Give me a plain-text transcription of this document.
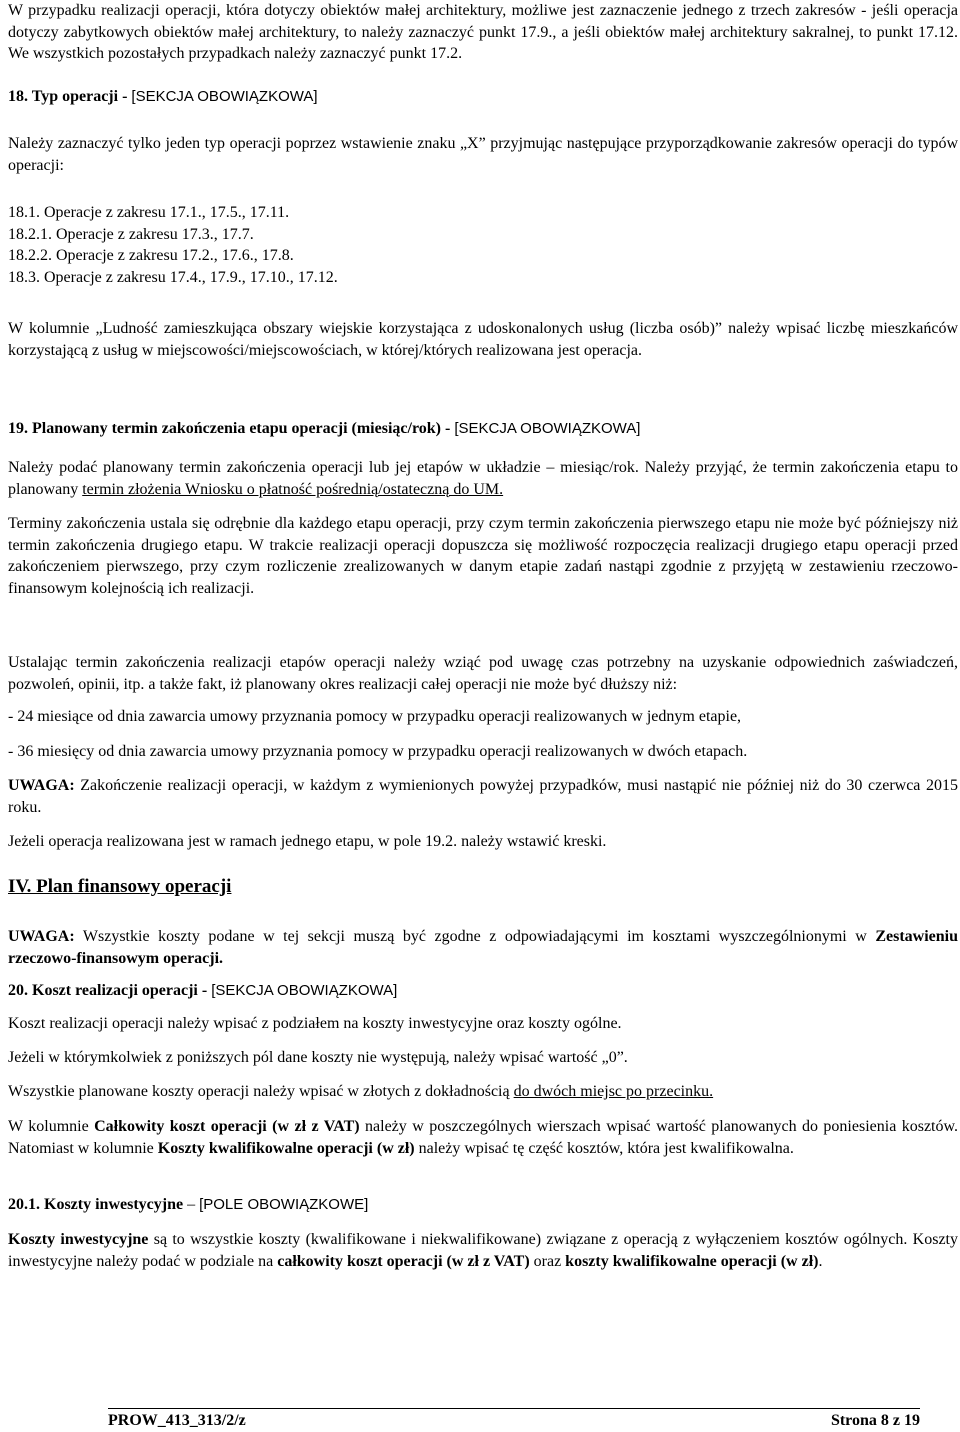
W przypadku realizacji operacji, która dotyczy obiektów małej architektury, możliwe jest zaznaczenie jednego z trzech zakresów - jeśli operacja dotyczy zabytkowych obiektów małej architektury, to należy zaznaczyć punkt 17.9., a jeśli obiektów małej architektury sakralnej, to punkt 17.12. We wszystkich pozostałych przypadkach należy zaznaczyć punkt 17.2.

18. Typ operacji - [SEKCJA OBOWIĄZKOWA]

Należy zaznaczyć tylko jeden typ operacji poprzez wstawienie znaku „X” przyjmując następujące przyporządkowanie zakresów operacji do typów operacji:

18.1. Operacje z zakresu 17.1., 17.5., 17.11.
18.2.1. Operacje z zakresu 17.3., 17.7.
18.2.2. Operacje z zakresu 17.2., 17.6., 17.8.
18.3. Operacje z zakresu 17.4., 17.9., 17.10., 17.12.

W kolumnie „Ludność zamieszkująca obszary wiejskie korzystająca z udoskonalonych usług (liczba osób)” należy wpisać liczbę mieszkańców korzystającą z usług w miejscowości/miejscowościach, w której/których realizowana jest operacja.

19. Planowany termin zakończenia etapu operacji (miesiąc/rok) - [SEKCJA OBOWIĄZKOWA]

Należy podać planowany termin zakończenia operacji lub jej etapów w układzie – miesiąc/rok. Należy przyjąć, że termin zakończenia etapu to planowany termin złożenia Wniosku o płatność pośrednią/ostateczną do UM.

Terminy zakończenia ustala się odrębnie dla każdego etapu operacji, przy czym termin zakończenia pierwszego etapu nie może być późniejszy niż termin zakończenia drugiego etapu. W trakcie realizacji operacji dopuszcza się możliwość rozpoczęcia realizacji drugiego etapu operacji przed zakończeniem pierwszego, przy czym rozliczenie zrealizowanych w danym etapie zadań nastąpi zgodnie z przyjętą w zestawieniu rzeczowo-finansowym kolejnością ich realizacji.

Ustalając termin zakończenia realizacji etapów operacji należy wziąć pod uwagę czas potrzebny na uzyskanie odpowiednich zaświadczeń, pozwoleń, opinii, itp. a także fakt, iż planowany okres realizacji całej operacji nie może być dłuższy niż:

- 24 miesiące od dnia zawarcia umowy przyznania pomocy w przypadku operacji realizowanych w jednym etapie,

- 36 miesięcy od dnia zawarcia umowy przyznania pomocy w przypadku operacji realizowanych w dwóch etapach.

UWAGA: Zakończenie realizacji operacji, w każdym z wymienionych powyżej przypadków, musi nastąpić nie później niż do 30 czerwca 2015 roku.

Jeżeli operacja realizowana jest w ramach jednego etapu, w pole 19.2. należy wstawić kreski.

IV. Plan finansowy operacji

UWAGA: Wszystkie koszty podane w tej sekcji muszą być zgodne z odpowiadającymi im kosztami wyszczególnionymi w Zestawieniu rzeczowo-finansowym operacji.

20. Koszt realizacji operacji - [SEKCJA OBOWIĄZKOWA]

Koszt realizacji operacji należy wpisać z podziałem na koszty inwestycyjne oraz koszty ogólne.

Jeżeli w którymkolwiek z poniższych pól dane koszty nie występują, należy wpisać wartość „0”.

Wszystkie planowane koszty operacji należy wpisać w złotych z dokładnością do dwóch miejsc po przecinku.

W kolumnie Całkowity koszt operacji (w zł z VAT) należy w poszczególnych wierszach wpisać wartość planowanych do poniesienia kosztów. Natomiast w kolumnie Koszty kwalifikowalne operacji (w zł) należy wpisać tę część kosztów, która jest kwalifikowalna.

20.1. Koszty inwestycyjne – [POLE OBOWIĄZKOWE]

Koszty inwestycyjne są to wszystkie koszty (kwalifikowane i niekwalifikowane) związane z operacją z wyłączeniem kosztów ogólnych. Koszty inwestycyjne należy podać w podziale na całkowity koszt operacji (w zł z VAT) oraz koszty kwalifikowalne operacji (w zł).

PROW_413_313/2/z	Strona 8 z 19
